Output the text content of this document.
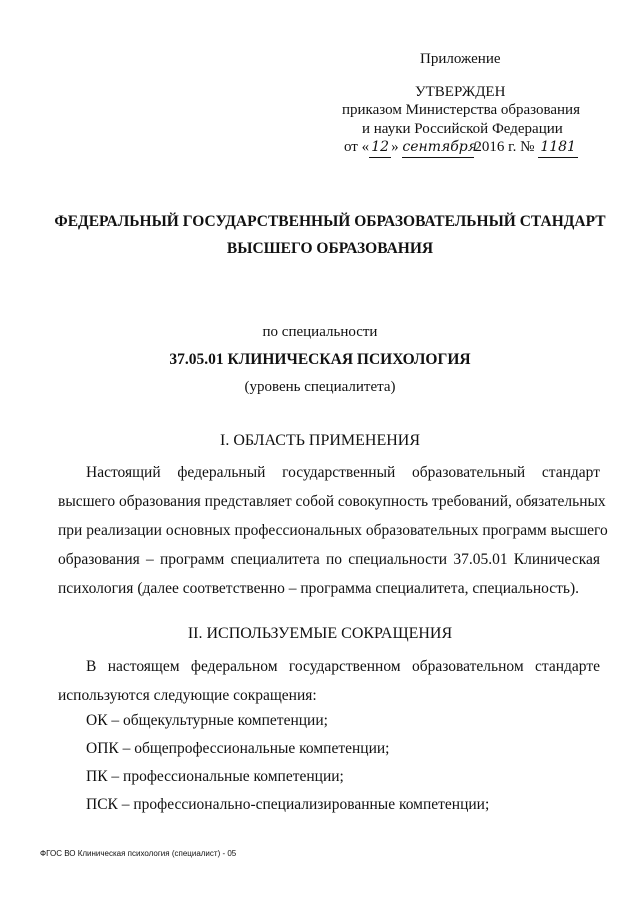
Приложение
УТВЕРЖДЕН
приказом Министерства образования
и науки Российской Федерации
от « 12 » сентября2016 г. № 1181
ФЕДЕРАЛЬНЫЙ ГОСУДАРСТВЕННЫЙ ОБРАЗОВАТЕЛЬНЫЙ СТАНДАРТ
ВЫСШЕГО ОБРАЗОВАНИЯ
по специальности
37.05.01 КЛИНИЧЕСКАЯ ПСИХОЛОГИЯ
(уровень специалитета)
I. ОБЛАСТЬ ПРИМЕНЕНИЯ
Настоящий федеральный государственный образовательный стандарт
высшего образования представляет собой совокупность требований, обязательных
при реализации основных профессиональных образовательных программ высшего
образования – программ специалитета по специальности 37.05.01 Клиническая
психология (далее соответственно – программа специалитета, специальность).
II. ИСПОЛЬЗУЕМЫЕ СОКРАЩЕНИЯ
В настоящем федеральном государственном образовательном стандарте
используются следующие сокращения:
ОК – общекультурные компетенции;
ОПК – общепрофессиональные компетенции;
ПК – профессиональные компетенции;
ПСК – профессионально-специализированные компетенции;
ФГОС ВО Клиническая психология (специалист) - 05
